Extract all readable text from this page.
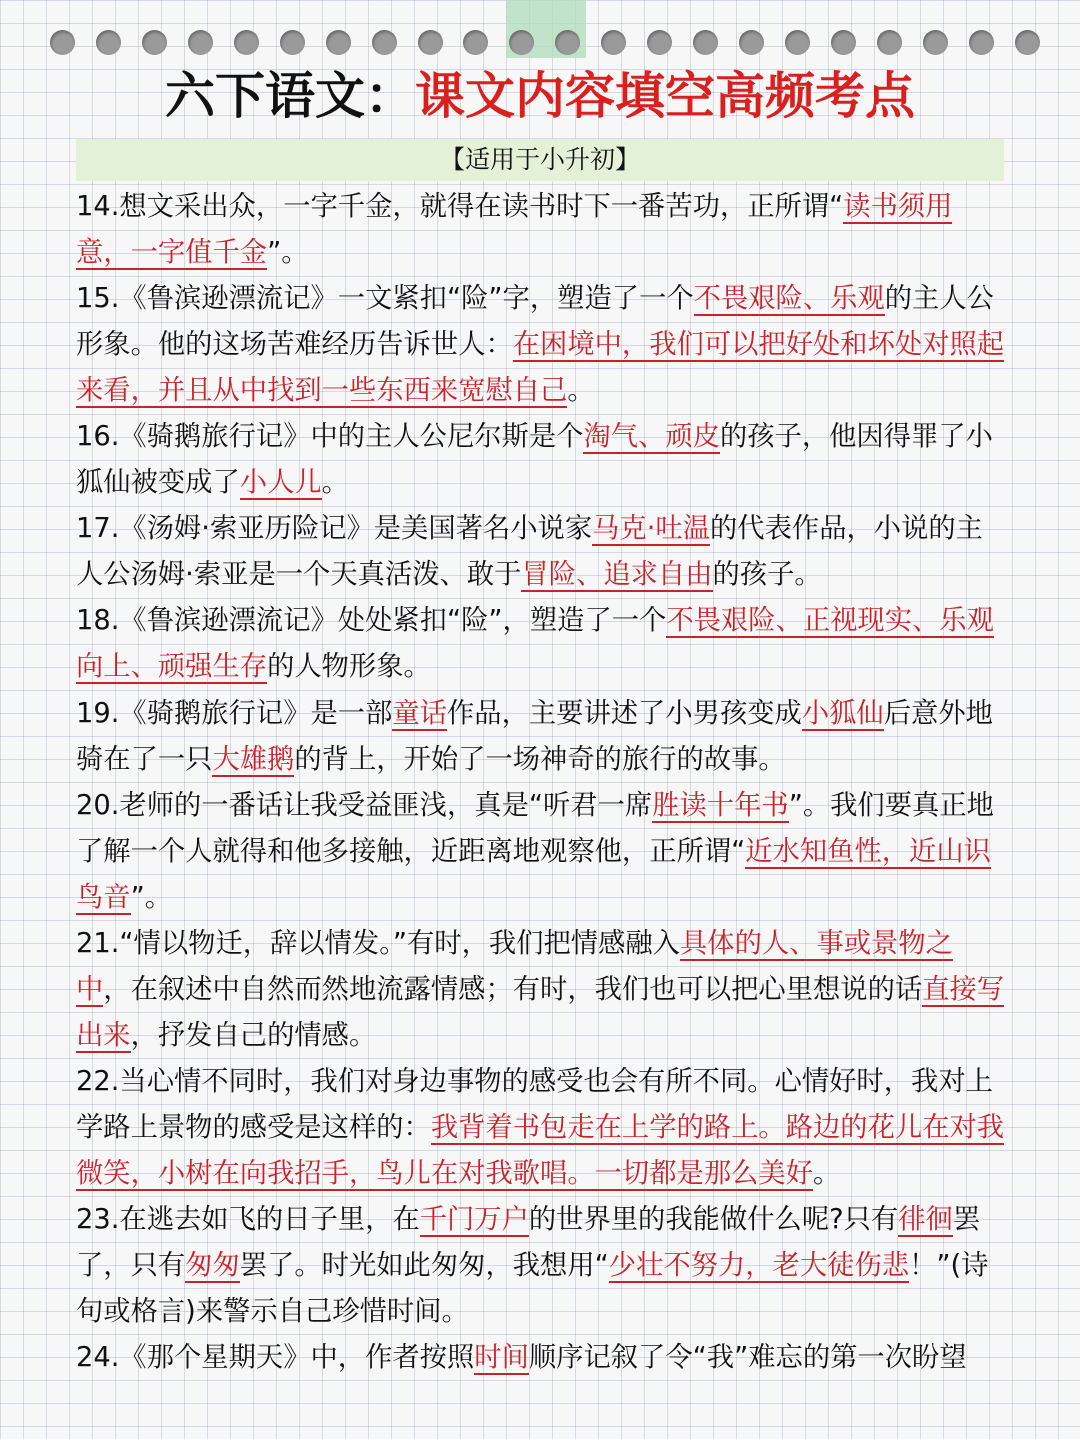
六下语文：课文内容填空高频考点
【适用于小升初】

14.想文采出众，一字千金，就得在读书时下一番苦功，正所谓“读书须用意，一字值千金”。

15.《鲁滨逊漂流记》一文紧扣“险”字，塑造了一个不畏艰险、乐观的主人公形象。他的这场苦难经历告诉世人：在困境中，我们可以把好处和坏处对照起来看，并且从中找到一些东西来宽慰自己。

16.《骑鹅旅行记》中的主人公尼尔斯是个淘气、顽皮的孩子，他因得罪了小狐仙被变成了小人儿。

17.《汤姆·索亚历险记》是美国著名小说家马克·吐温的代表作品，小说的主人公汤姆·索亚是一个天真活泼、敢于冒险、追求自由的孩子。

18.《鲁滨逊漂流记》处处紧扣“险”，塑造了一个不畏艰险、正视现实、乐观向上、顽强生存的人物形象。

19.《骑鹅旅行记》是一部童话作品，主要讲述了小男孩变成小狐仙后意外地骑在了一只大雄鹅的背上，开始了一场神奇的旅行的故事。

20.老师的一番话让我受益匪浅，真是“听君一席胜读十年书”。我们要真正地了解一个人就得和他多接触，近距离地观察他，正所谓“近水知鱼性，近山识鸟音”。

21.“情以物迁，辞以情发。”有时，我们把情感融入具体的人、事或景物之中，在叙述中自然而然地流露情感；有时，我们也可以把心里想说的话直接写出来，抒发自己的情感。

22.当心情不同时，我们对身边事物的感受也会有所不同。心情好时，我对上学路上景物的感受是这样的：我背着书包走在上学的路上。路边的花儿在对我微笑，小树在向我招手，鸟儿在对我歌唱。一切都是那么美好。

23.在逃去如飞的日子里，在千门万户的世界里的我能做什么呢?只有徘徊罢了，只有匆匆罢了。时光如此匆匆，我想用“少壮不努力，老大徒伤悲！”(诗句或格言)来警示自己珍惜时间。

24.《那个星期天》中，作者按照时间顺序记叙了令“我”难忘的第一次盼望
